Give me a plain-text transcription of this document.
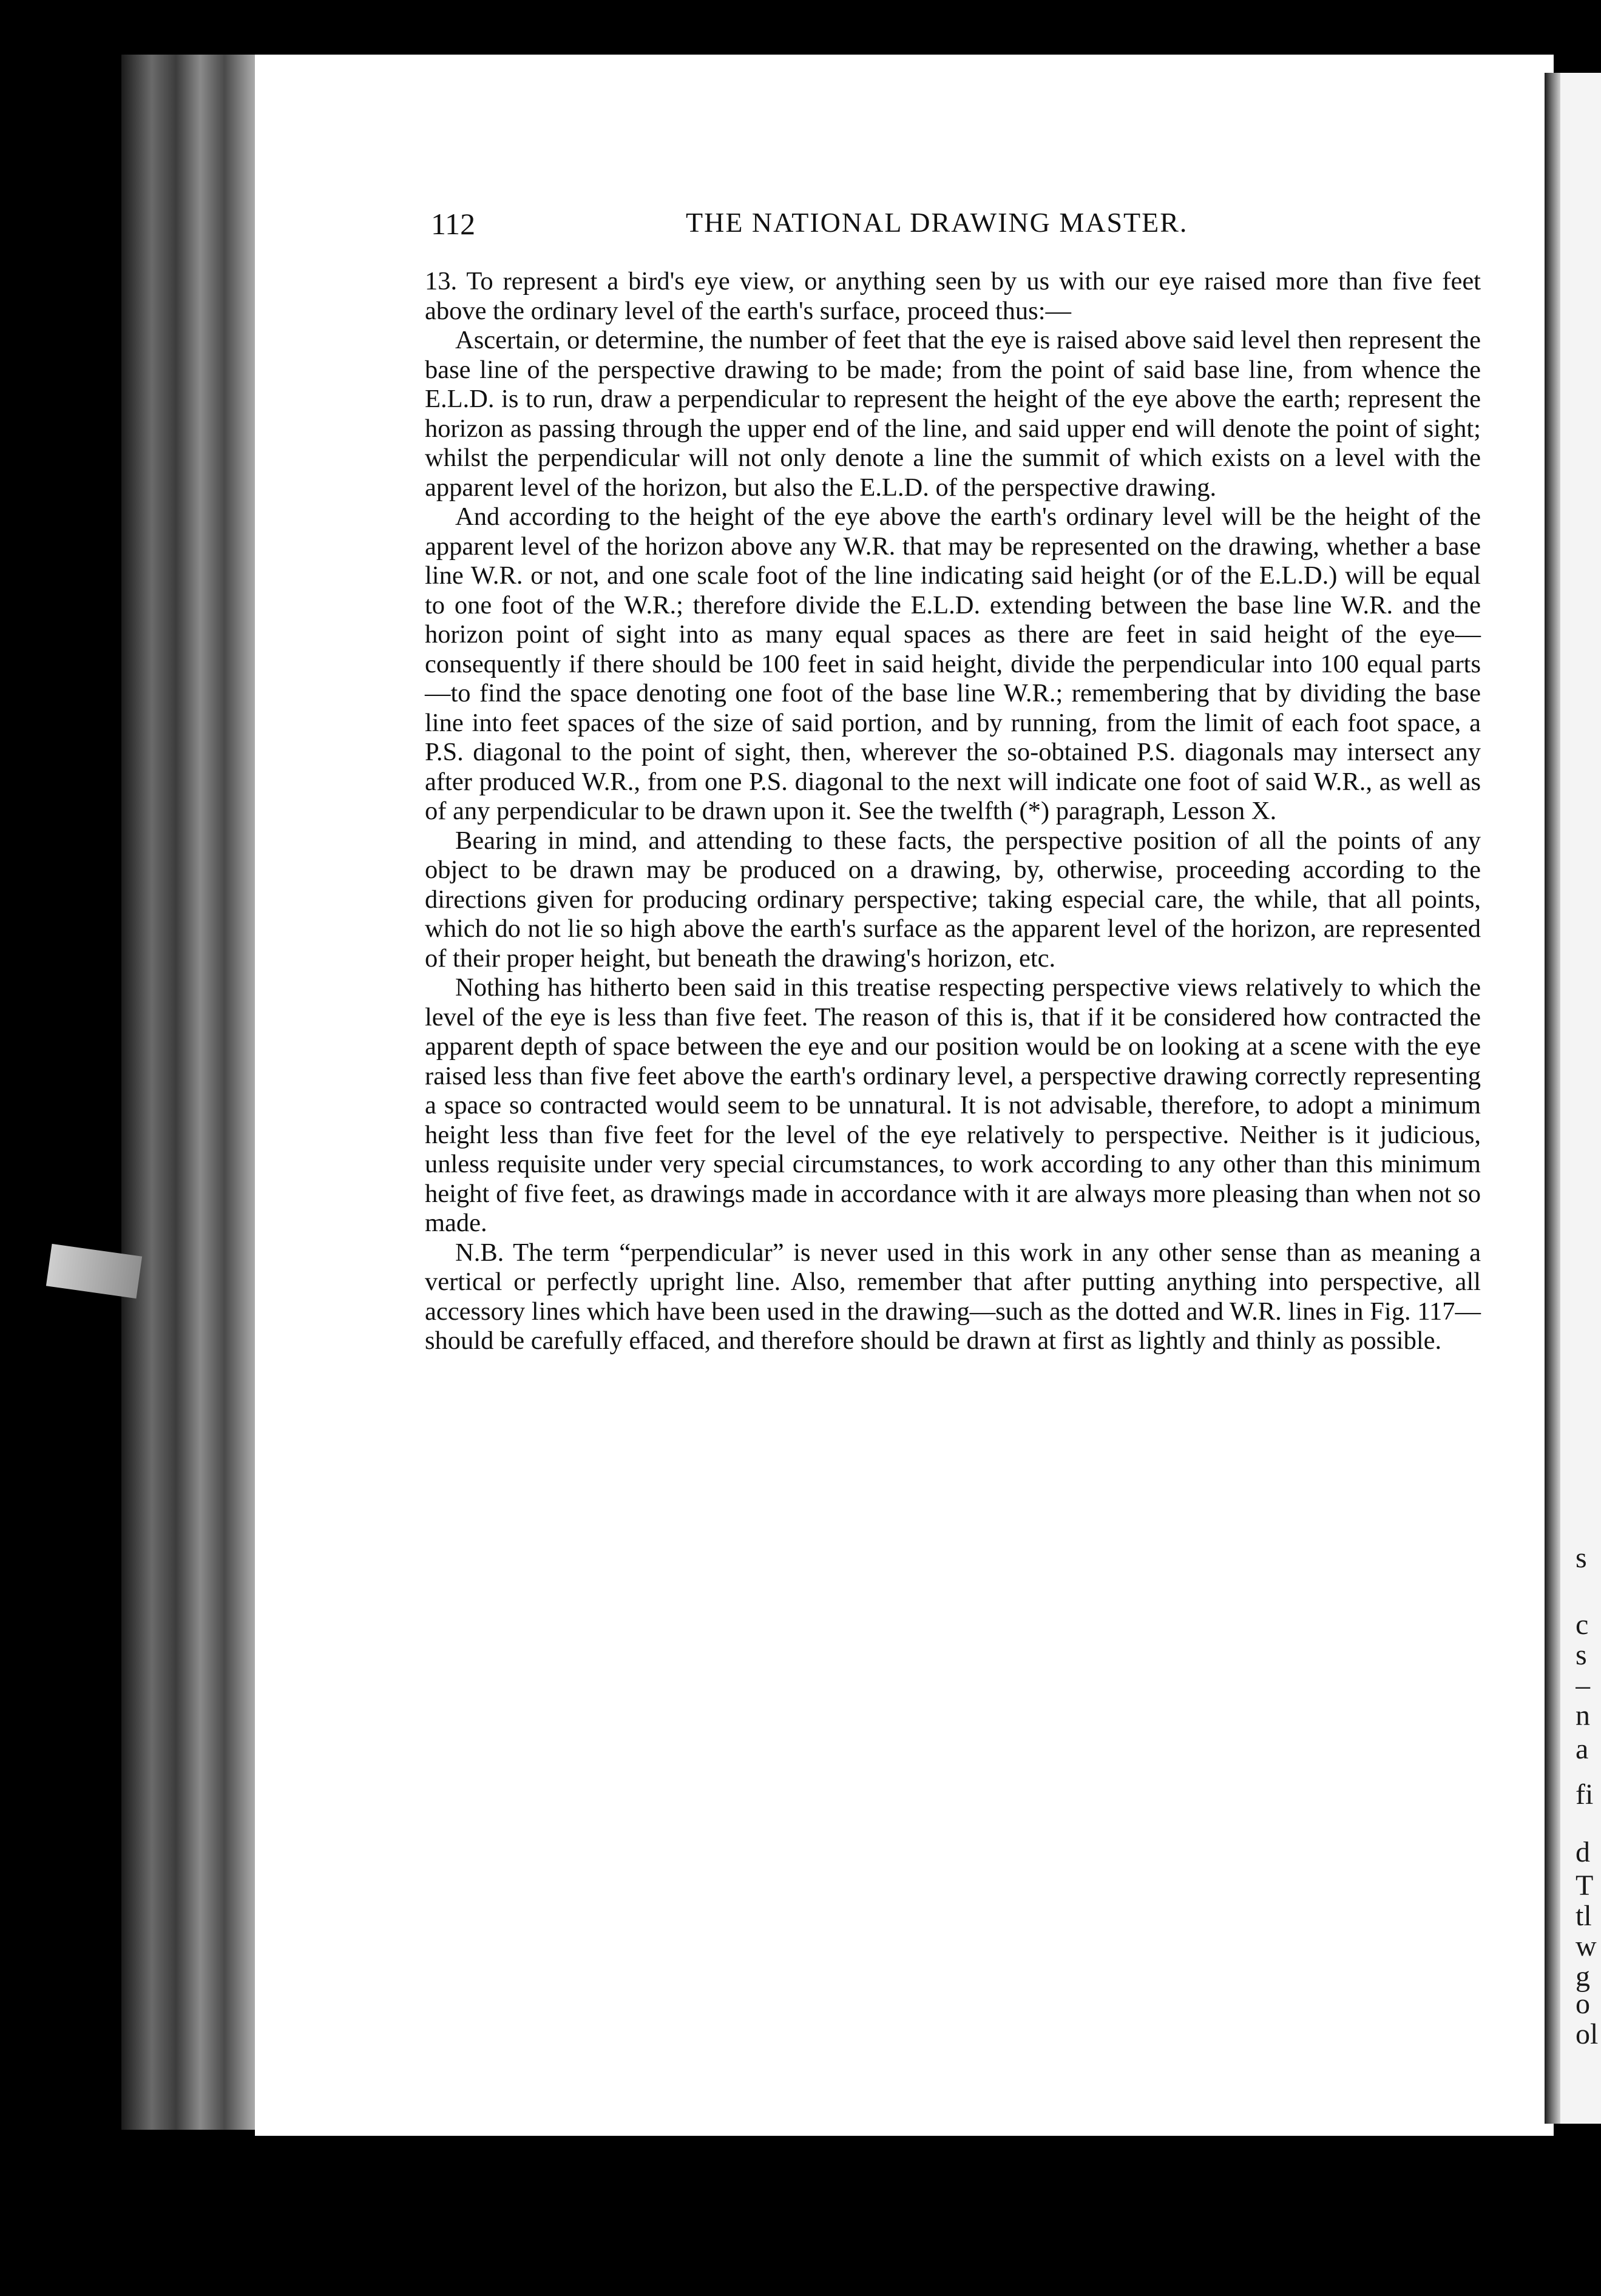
s
c
s
–
n
a
fi
d
T
tl
w
g
o
ol
112	THE NATIONAL DRAWING MASTER.

13. To represent a bird's eye view, or anything seen by us with our eye raised more than five feet above the ordinary level of the earth's surface, proceed thus:—

Ascertain, or determine, the number of feet that the eye is raised above said level then represent the base line of the perspective drawing to be made; from the point of said base line, from whence the E.L.D. is to run, draw a perpendicular to represent the height of the eye above the earth; represent the horizon as passing through the upper end of the line, and said upper end will denote the point of sight; whilst the perpendicular will not only denote a line the summit of which exists on a level with the apparent level of the horizon, but also the E.L.D. of the perspective drawing.

And according to the height of the eye above the earth's ordinary level will be the height of the apparent level of the horizon above any W.R. that may be represented on the drawing, whether a base line W.R. or not, and one scale foot of the line indicating said height (or of the E.L.D.) will be equal to one foot of the W.R.; therefore divide the E.L.D. extending between the base line W.R. and the horizon point of sight into as many equal spaces as there are feet in said height of the eye—consequently if there should be 100 feet in said height, divide the perpendicular into 100 equal parts—to find the space denoting one foot of the base line W.R.; remembering that by dividing the base line into feet spaces of the size of said portion, and by running, from the limit of each foot space, a P.S. diagonal to the point of sight, then, wherever the so-obtained P.S. diagonals may intersect any after produced W.R., from one P.S. diagonal to the next will indicate one foot of said W.R., as well as of any perpendicular to be drawn upon it. See the twelfth (*) paragraph, Lesson X.

Bearing in mind, and attending to these facts, the perspective position of all the points of any object to be drawn may be produced on a drawing, by, otherwise, proceeding according to the directions given for producing ordinary perspective; taking especial care, the while, that all points, which do not lie so high above the earth's surface as the apparent level of the horizon, are represented of their proper height, but beneath the drawing's horizon, etc.

Nothing has hitherto been said in this treatise respecting perspective views relatively to which the level of the eye is less than five feet. The reason of this is, that if it be considered how contracted the apparent depth of space between the eye and our position would be on looking at a scene with the eye raised less than five feet above the earth's ordinary level, a perspective drawing correctly representing a space so contracted would seem to be unnatural. It is not advisable, therefore, to adopt a minimum height less than five feet for the level of the eye relatively to perspective. Neither is it judicious, unless requisite under very special circumstances, to work according to any other than this minimum height of five feet, as drawings made in accordance with it are always more pleasing than when not so made.

N.B. The term “perpendicular” is never used in this work in any other sense than as meaning a vertical or perfectly upright line. Also, remember that after putting anything into perspective, all accessory lines which have been used in the drawing—such as the dotted and W.R. lines in Fig. 117—should be carefully effaced, and therefore should be drawn at first as lightly and thinly as possible.
